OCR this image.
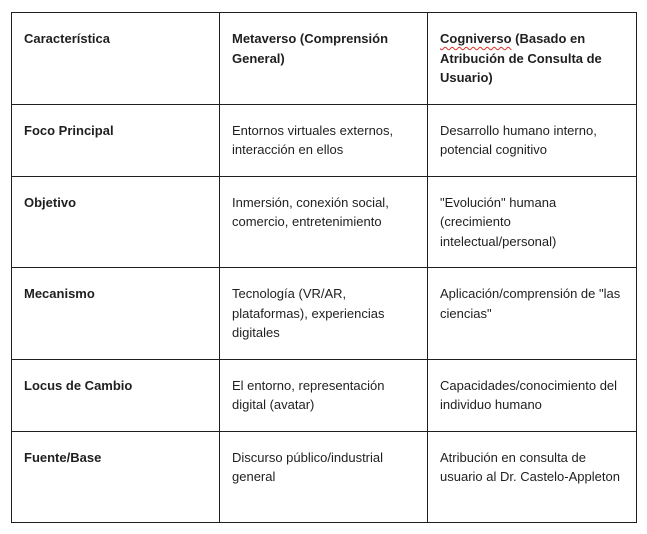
Característica	Metaverso (Comprensión General)	Cogniverso (Basado en Atribución de Consulta de Usuario)
Foco Principal	Entornos virtuales externos, interacción en ellos	Desarrollo humano interno, potencial cognitivo
Objetivo	Inmersión, conexión social, comercio, entretenimiento	"Evolución" humana (crecimiento intelectual/personal)
Mecanismo	Tecnología (VR/AR, plataformas), experiencias digitales	Aplicación/comprensión de "las ciencias"
Locus de Cambio	El entorno, representación digital (avatar)	Capacidades/conocimiento del individuo humano
Fuente/Base	Discurso público/industrial general	Atribución en consulta de usuario al Dr. Castelo-Appleton
